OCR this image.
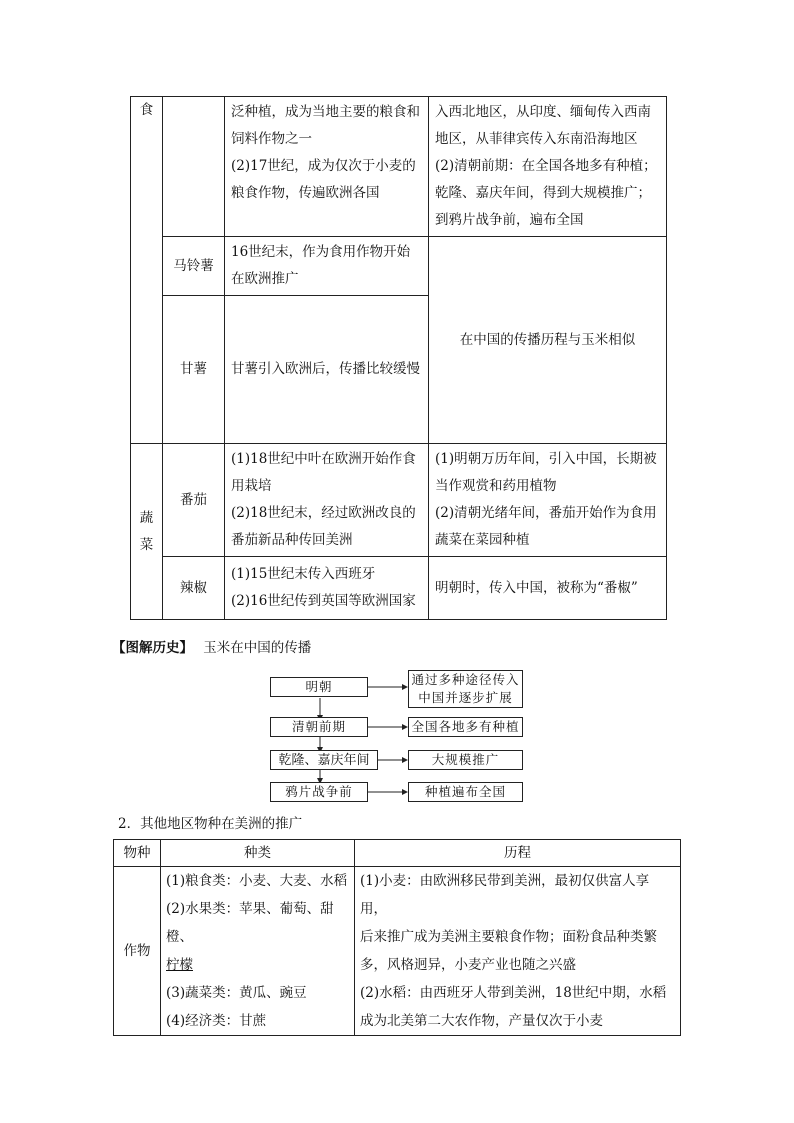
食		泛种植，成为当地主要的粮食和
饲料作物之一
(2)17世纪，成为仅次于小麦的
粮食作物，传遍欧洲各国	入西北地区，从印度、缅甸传入西南
地区，从菲律宾传入东南沿海地区
(2)清朝前期：在全国各地多有种植；
乾隆、嘉庆年间，得到大规模推广；
到鸦片战争前，遍布全国

	马铃薯	16世纪末，作为食用作物开始
在欧洲推广	在中国的传播历程与玉米相似
	甘薯	甘薯引入欧洲后，传播比较缓慢	

蔬
菜	番茄	(1)18世纪中叶在欧洲开始作食
用栽培
(2)18世纪末，经过欧洲改良的
番茄新品种传回美洲	(1)明朝万历年间，引入中国，长期被
当作观赏和药用植物
(2)清朝光绪年间，番茄开始作为食用
蔬菜在菜园种植

	辣椒	(1)15世纪末传入西班牙
(2)16世纪传到英国等欧洲国家	明朝时，传入中国，被称为“番椒”
【图解历史】 玉米在中国的传播
明朝
清朝前期
乾隆、嘉庆年间
鸦片战争前
通过多种途径传入
中国并逐步扩展
全国各地多有种植
大规模推广
种植遍布全国
2．其他地区物种在美洲的推广
物种	种类	历程
作物	(1)粮食类：小麦、大麦、水稻
(2)水果类：苹果、葡萄、甜橙、
柠檬
(3)蔬菜类：黄瓜、豌豆
(4)经济类：甘蔗	(1)小麦：由欧洲移民带到美洲，最初仅供富人享用，
后来推广成为美洲主要粮食作物；面粉食品种类繁
多，风格迥异，小麦产业也随之兴盛
(2)水稻：由西班牙人带到美洲，18世纪中期，水稻
成为北美第二大农作物，产量仅次于小麦
